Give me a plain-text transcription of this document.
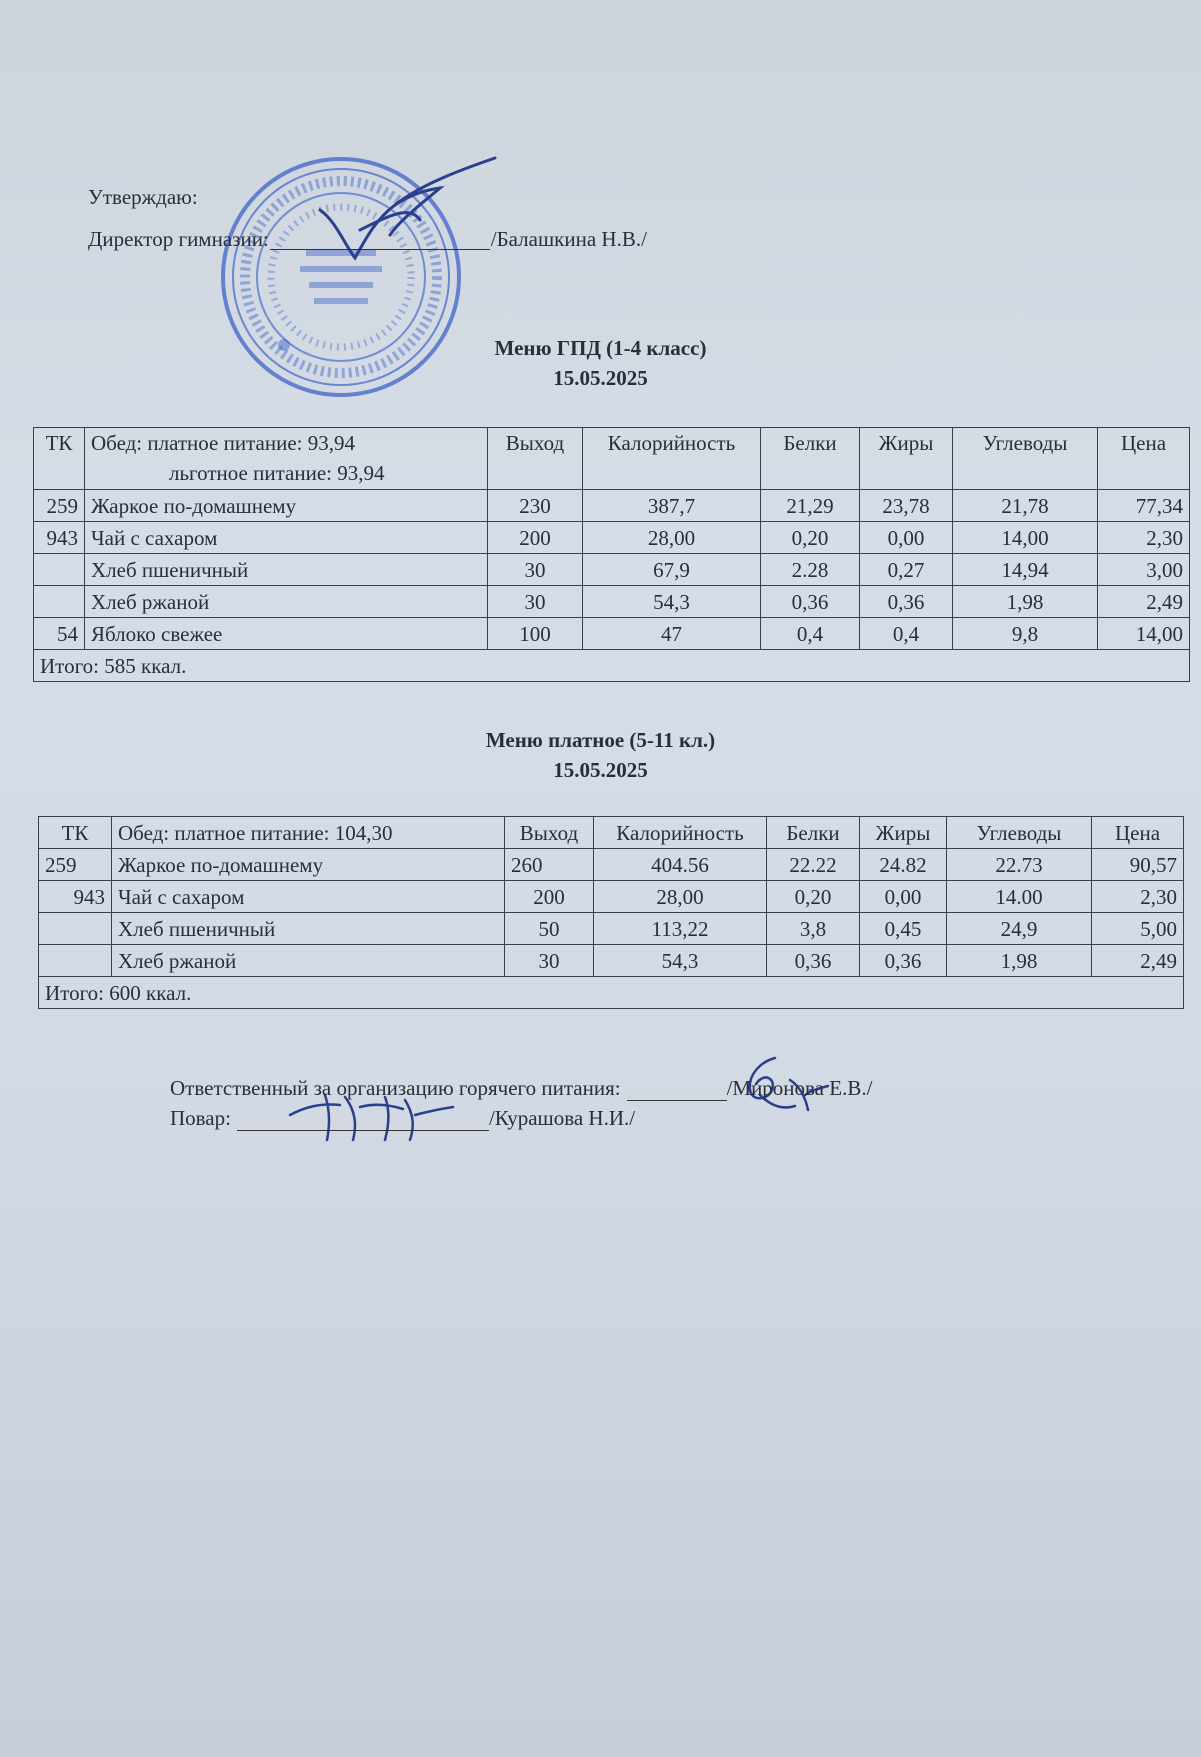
Утверждаю:
Директор гимназии:	/Балашкина Н.В./
Меню ГПД (1-4 класс)
15.05.2025
ТК	Обед: платное питание: 93,94
льготное питание: 93,94	Выход	Калорийность	Белки	Жиры	Углеводы	Цена
259	Жаркое по-домашнему	230	387,7	21,29	23,78	21,78	77,34
943	Чай с сахаром	200	28,00	0,20	0,00	14,00	2,30
	Хлеб пшеничный	30	67,9	2.28	0,27	14,94	3,00
	Хлеб ржаной	30	54,3	0,36	0,36	1,98	2,49
54	Яблоко свежее	100	47	0,4	0,4	9,8	14,00
Итого: 585 ккал.							
Меню платное (5-11 кл.)
15.05.2025
ТК	Обед: платное питание: 104,30	Выход	Калорийность	Белки	Жиры	Углеводы	Цена
259	Жаркое по-домашнему	260	404.56	22.22	24.82	22.73	90,57
943	Чай с сахаром	200	28,00	0,20	0,00	14.00	2,30
	Хлеб пшеничный	50	113,22	3,8	0,45	24,9	5,00
	Хлеб ржаной	30	54,3	0,36	0,36	1,98	2,49
Итого: 600 ккал.							
Ответственный за организацию горячего питания:	/Миронова Е.В./
Повар:	/Курашова Н.И./
